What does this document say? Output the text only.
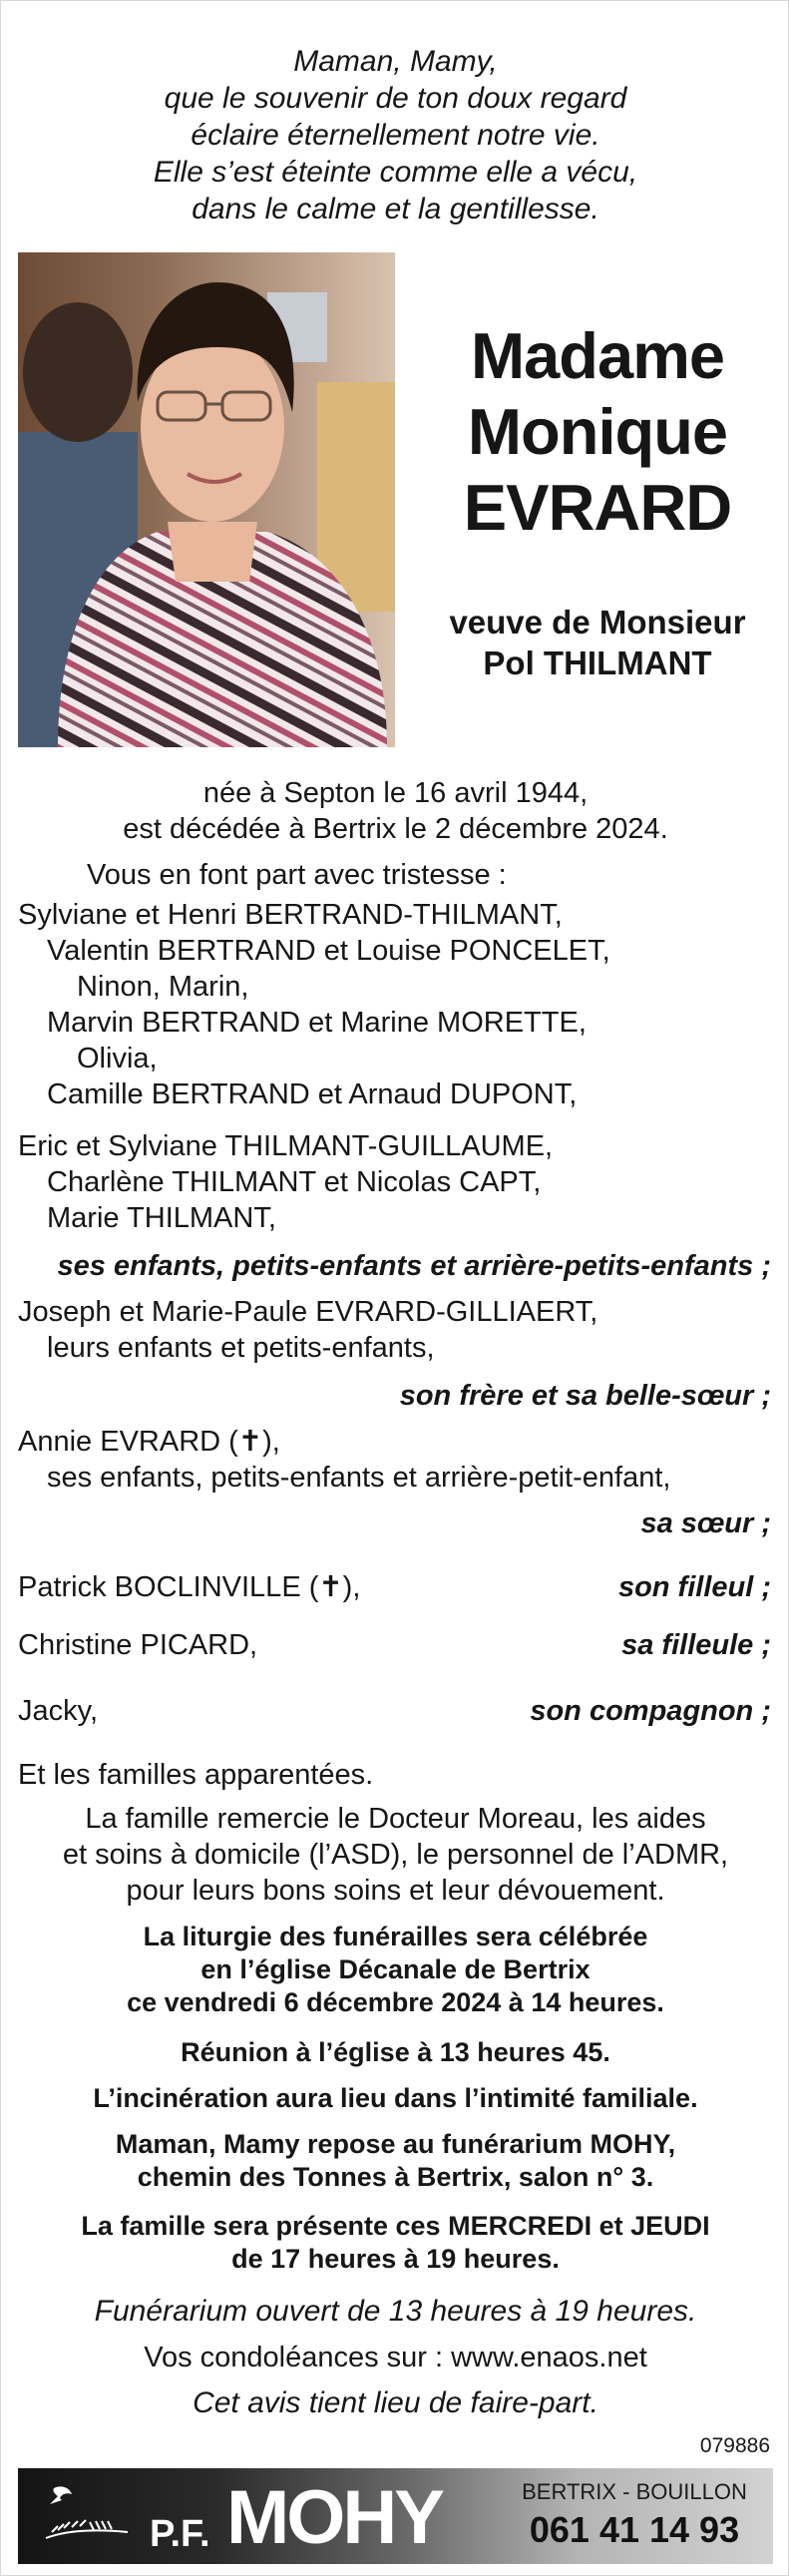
Maman, Mamy,
que le souvenir de ton doux regard
éclaire éternellement notre vie.
Elle s’est éteinte comme elle a vécu,
dans le calme et la gentillesse.
Madame
Monique
EVRARD
veuve de Monsieur
Pol THILMANT
née à Septon le 16 avril 1944,
est décédée à Bertrix le 2 décembre 2024.
Vous en font part avec tristesse :
Sylviane et Henri BERTRAND-THILMANT,
Valentin BERTRAND et Louise PONCELET,
Ninon, Marin,
Marvin BERTRAND et Marine MORETTE,
Olivia,
Camille BERTRAND et Arnaud DUPONT,
Eric et Sylviane THILMANT-GUILLAUME,
Charlène THILMANT et Nicolas CAPT,
Marie THILMANT,
ses enfants, petits-enfants et arrière-petits-enfants ;
Joseph et Marie-Paule EVRARD-GILLIAERT,
leurs enfants et petits-enfants,
son frère et sa belle-sœur ;
Annie EVRARD (✝),
ses enfants, petits-enfants et arrière-petit-enfant,
sa sœur ;
Patrick BOCLINVILLE (✝),	son filleul ;
Christine PICARD,	sa filleule ;
Jacky,	son compagnon ;
Et les familles apparentées.
La famille remercie le Docteur Moreau, les aides
et soins à domicile (l’ASD), le personnel de l’ADMR,
pour leurs bons soins et leur dévouement.
La liturgie des funérailles sera célébrée
en l’église Décanale de Bertrix
ce vendredi 6 décembre 2024 à 14 heures.
Réunion à l’église à 13 heures 45.
L’incinération aura lieu dans l’intimité familiale.
Maman, Mamy repose au funérarium MOHY,
chemin des Tonnes à Bertrix, salon n° 3.
La famille sera présente ces MERCREDI et JEUDI
de 17 heures à 19 heures.
Funérarium ouvert de 13 heures à 19 heures.
Vos condoléances sur : www.enaos.net
Cet avis tient lieu de faire-part.
079886
P.F. MOHY	BERTRIX - BOUILLON
061 41 14 93
